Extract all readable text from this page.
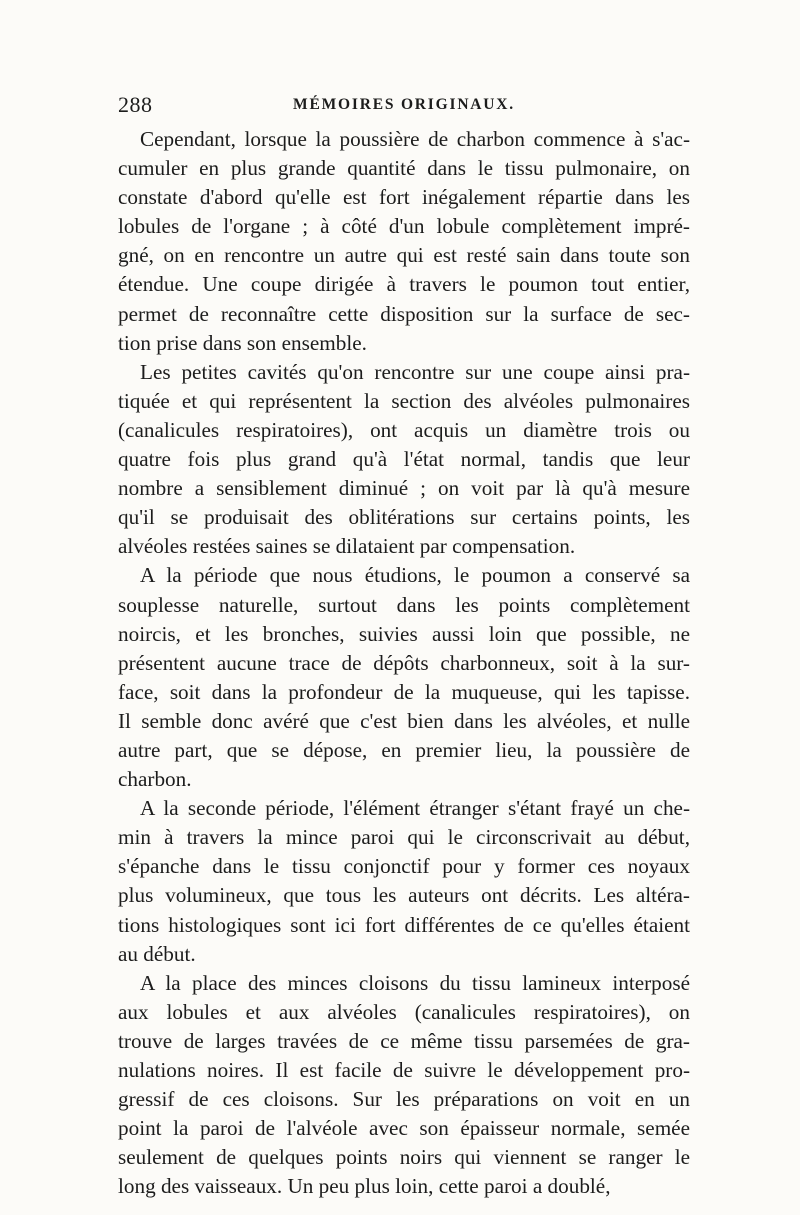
288	MÉMOIRES ORIGINAUX.

Cependant, lorsque la poussière de charbon commence à s'ac-
cumuler en plus grande quantité dans le tissu pulmonaire, on
constate d'abord qu'elle est fort inégalement répartie dans les
lobules de l'organe ; à côté d'un lobule complètement impré-
gné, on en rencontre un autre qui est resté sain dans toute son
étendue. Une coupe dirigée à travers le poumon tout entier,
permet de reconnaître cette disposition sur la surface de sec-
tion prise dans son ensemble.

Les petites cavités qu'on rencontre sur une coupe ainsi pra-
tiquée et qui représentent la section des alvéoles pulmonaires
(canalicules respiratoires), ont acquis un diamètre trois ou
quatre fois plus grand qu'à l'état normal, tandis que leur
nombre a sensiblement diminué ; on voit par là qu'à mesure
qu'il se produisait des oblitérations sur certains points, les
alvéoles restées saines se dilataient par compensation.

A la période que nous étudions, le poumon a conservé sa
souplesse naturelle, surtout dans les points complètement
noircis, et les bronches, suivies aussi loin que possible, ne
présentent aucune trace de dépôts charbonneux, soit à la sur-
face, soit dans la profondeur de la muqueuse, qui les tapisse.
Il semble donc avéré que c'est bien dans les alvéoles, et nulle
autre part, que se dépose, en premier lieu, la poussière de
charbon.

A la seconde période, l'élément étranger s'étant frayé un che-
min à travers la mince paroi qui le circonscrivait au début,
s'épanche dans le tissu conjonctif pour y former ces noyaux
plus volumineux, que tous les auteurs ont décrits. Les altéra-
tions histologiques sont ici fort différentes de ce qu'elles étaient
au début.

A la place des minces cloisons du tissu lamineux interposé
aux lobules et aux alvéoles (canalicules respiratoires), on
trouve de larges travées de ce même tissu parsemées de gra-
nulations noires. Il est facile de suivre le développement pro-
gressif de ces cloisons. Sur les préparations on voit en un
point la paroi de l'alvéole avec son épaisseur normale, semée
seulement de quelques points noirs qui viennent se ranger le
long des vaisseaux. Un peu plus loin, cette paroi a doublé,
